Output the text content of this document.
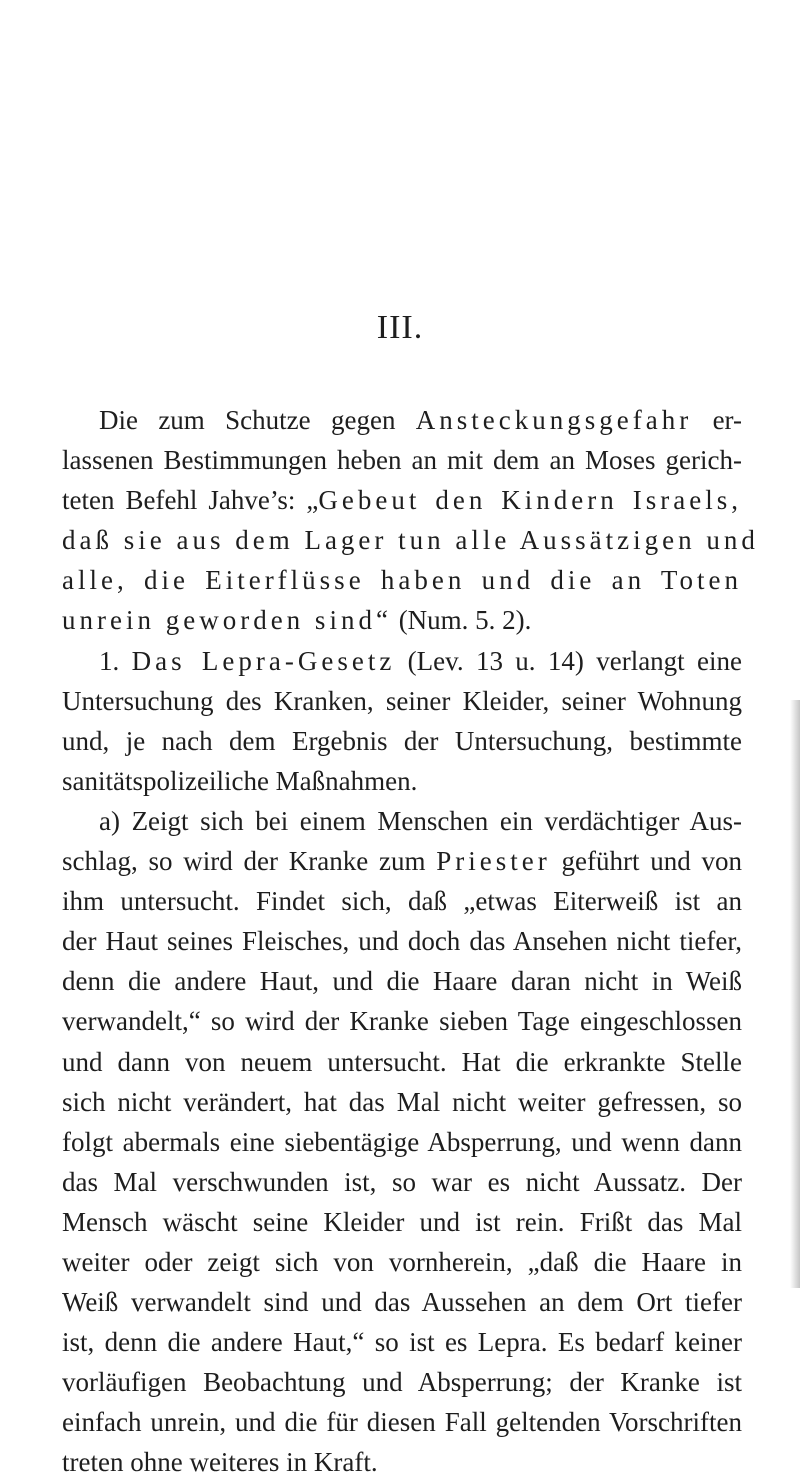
III.
Die zum Schutze gegen Ansteckungsgefahr er-
lassenen Bestimmungen heben an mit dem an Moses gerich-
teten Befehl Jahve’s: „Gebeut den Kindern Israels,
daß sie aus dem Lager tun alle Aussätzigen und
alle, die Eiterflüsse haben und die an Toten
unrein geworden sind“ (Num. 5. 2).
1. Das Lepra-Gesetz (Lev. 13 u. 14) verlangt eine
Untersuchung des Kranken, seiner Kleider, seiner Wohnung
und, je nach dem Ergebnis der Untersuchung, bestimmte
sanitätspolizeiliche Maßnahmen.
a) Zeigt sich bei einem Menschen ein verdächtiger Aus-
schlag, so wird der Kranke zum Priester geführt und von
ihm untersucht. Findet sich, daß „etwas Eiterweiß ist an
der Haut seines Fleisches, und doch das Ansehen nicht tiefer,
denn die andere Haut, und die Haare daran nicht in Weiß
verwandelt,“ so wird der Kranke sieben Tage eingeschlossen
und dann von neuem untersucht. Hat die erkrankte Stelle
sich nicht verändert, hat das Mal nicht weiter gefressen, so
folgt abermals eine siebentägige Absperrung, und wenn dann
das Mal verschwunden ist, so war es nicht Aussatz. Der
Mensch wäscht seine Kleider und ist rein. Frißt das Mal
weiter oder zeigt sich von vornherein, „daß die Haare in
Weiß verwandelt sind und das Aussehen an dem Ort tiefer
ist, denn die andere Haut,“ so ist es Lepra. Es bedarf keiner
vorläufigen Beobachtung und Absperrung; der Kranke ist
einfach unrein, und die für diesen Fall geltenden Vorschriften
treten ohne weiteres in Kraft.
